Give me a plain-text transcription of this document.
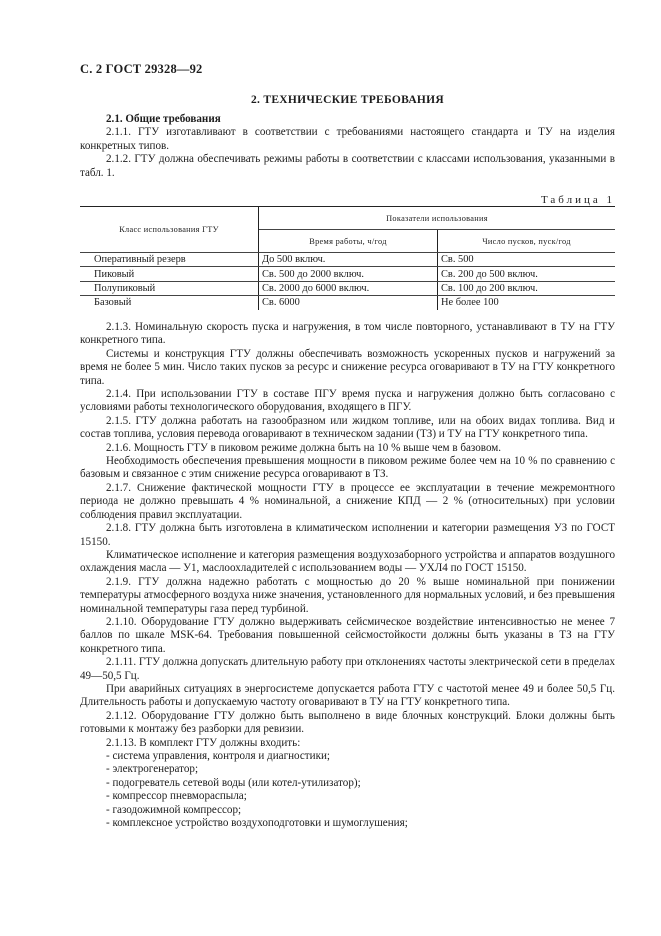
С. 2 ГОСТ 29328—92
2. ТЕХНИЧЕСКИЕ ТРЕБОВАНИЯ

2.1. Общие требования

2.1.1. ГТУ изготавливают в соответствии с требованиями настоящего стандарта и ТУ на изделия конкретных типов.

2.1.2. ГТУ должна обеспечивать режимы работы в соответствии с классами использования, указанными в табл. 1.

Таблица 1
Класс использования ГТУ	Показатели использования	
	Время работы, ч/год	Число пусков, пуск/год
Оперативный резерв	До 500 включ.	Св. 500
Пиковый	Св. 500 до 2000 включ.	Св. 200 до 500 включ.
Полупиковый	Св. 2000 до 6000 включ.	Св. 100 до 200 включ.
Базовый	Св. 6000	Не более 100

2.1.3. Номинальную скорость пуска и нагружения, в том числе повторного, устанавливают в ТУ на ГТУ конкретного типа.

Системы и конструкция ГТУ должны обеспечивать возможность ускоренных пусков и нагружений за время не более 5 мин. Число таких пусков за ресурс и снижение ресурса оговаривают в ТУ на ГТУ конкретного типа.

2.1.4. При использовании ГТУ в составе ПГУ время пуска и нагружения должно быть согласовано с условиями работы технологического оборудования, входящего в ПГУ.

2.1.5. ГТУ должна работать на газообразном или жидком топливе, или на обоих видах топлива. Вид и состав топлива, условия перевода оговаривают в техническом задании (ТЗ) и ТУ на ГТУ конкретного типа.

2.1.6. Мощность ГТУ в пиковом режиме должна быть на 10 % выше чем в базовом.

Необходимость обеспечения превышения мощности в пиковом режиме более чем на 10 % по сравнению с базовым и связанное с этим снижение ресурса оговаривают в ТЗ.

2.1.7. Снижение фактической мощности ГТУ в процессе ее эксплуатации в течение межремонтного периода не должно превышать 4 % номинальной, а снижение КПД — 2 % (относительных) при условии соблюдения правил эксплуатации.

2.1.8. ГТУ должна быть изготовлена в климатическом исполнении и категории размещения УЗ по ГОСТ 15150.

Климатическое исполнение и категория размещения воздухозаборного устройства и аппаратов воздушного охлаждения масла — У1, маслоохладителей с использованием воды — УХЛ4 по ГОСТ 15150.

2.1.9. ГТУ должна надежно работать с мощностью до 20 % выше номинальной при понижении температуры атмосферного воздуха ниже значения, установленного для нормальных условий, и без превышения номинальной температуры газа перед турбиной.

2.1.10. Оборудование ГТУ должно выдерживать сейсмическое воздействие интенсивностью не менее 7 баллов по шкале MSK-64. Требования повышенной сейсмостойкости должны быть указаны в ТЗ на ГТУ конкретного типа.

2.1.11. ГТУ должна допускать длительную работу при отклонениях частоты электрической сети в пределах 49—50,5 Гц.

При аварийных ситуациях в энергосистеме допускается работа ГТУ с частотой менее 49 и более 50,5 Гц. Длительность работы и допускаемую частоту оговаривают в ТУ на ГТУ конкретного типа.

2.1.12. Оборудование ГТУ должно быть выполнено в виде блочных конструкций. Блоки должны быть готовыми к монтажу без разборки для ревизии.

2.1.13. В комплект ГТУ должны входить:

- система управления, контроля и диагностики;

- электрогенератор;

- подогреватель сетевой воды (или котел-утилизатор);

- компрессор пневмораспыла;

- газодожимной компрессор;

- комплексное устройство воздухоподготовки и шумоглушения;
